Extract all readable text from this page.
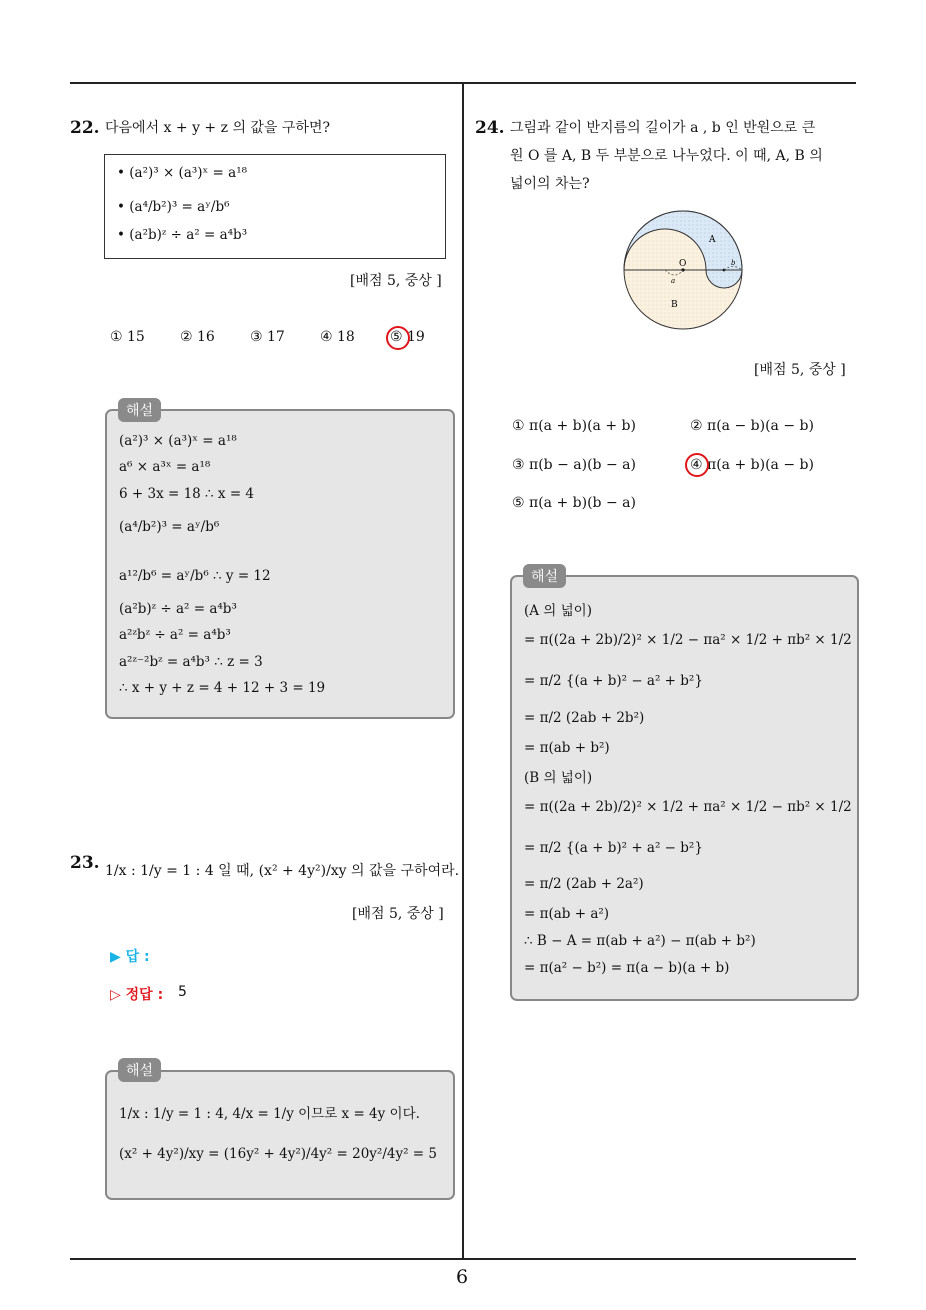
22. 다음에서 x + y + z 의 값을 구하면?
• (a²)³ × (a³)ˣ = a¹⁸
• (a⁴/b²)³ = aʸ/b⁶
• (a²b)ᶻ ÷ a² = a⁴b³
[배점 5, 중상 ]
① 15	② 16	③ 17	④ 18	⑤ 19
(a²)³ × (a³)ˣ = a¹⁸
a⁶ × a³ˣ = a¹⁸
6 + 3x = 18 ∴ x = 4
(a⁴/b²)³ = aʸ/b⁶
a¹²/b⁶ = aʸ/b⁶ ∴ y = 12
(a²b)ᶻ ÷ a² = a⁴b³
a²ᶻbᶻ ÷ a² = a⁴b³
a²ᶻ⁻²bᶻ = a⁴b³ ∴ z = 3
∴ x + y + z = 4 + 12 + 3 = 19
해설
23. 1/x : 1/y = 1 : 4 일 때, (x² + 4y²)/xy 의 값을 구하여라.
[배점 5, 중상 ]
▶ 답 :
▷ 정답 : 5
1/x : 1/y = 1 : 4, 4/x = 1/y 이므로 x = 4y 이다.
(x² + 4y²)/xy = (16y² + 4y²)/4y² = 20y²/4y² = 5
해설
24. 그림과 같이 반지름의 길이가 a , b 인 반원으로 큰
원 O 를 A, B 두 부분으로 나누었다. 이 때, A, B 의
넓이의 차는?
O
A
B
a
b
[배점 5, 중상 ]
① π(a + b)(a + b)	② π(a − b)(a − b)
③ π(b − a)(b − a)	④ π(a + b)(a − b)
⑤ π(a + b)(b − a)
(A 의 넓이)
= π((2a + 2b)/2)² × 1/2 − πa² × 1/2 + πb² × 1/2
= π/2 {(a + b)² − a² + b²}
= π/2 (2ab + 2b²)
= π(ab + b²)
(B 의 넓이)
= π((2a + 2b)/2)² × 1/2 + πa² × 1/2 − πb² × 1/2
= π/2 {(a + b)² + a² − b²}
= π/2 (2ab + 2a²)
= π(ab + a²)
∴ B − A = π(ab + a²) − π(ab + b²)
= π(a² − b²) = π(a − b)(a + b)
해설
6
